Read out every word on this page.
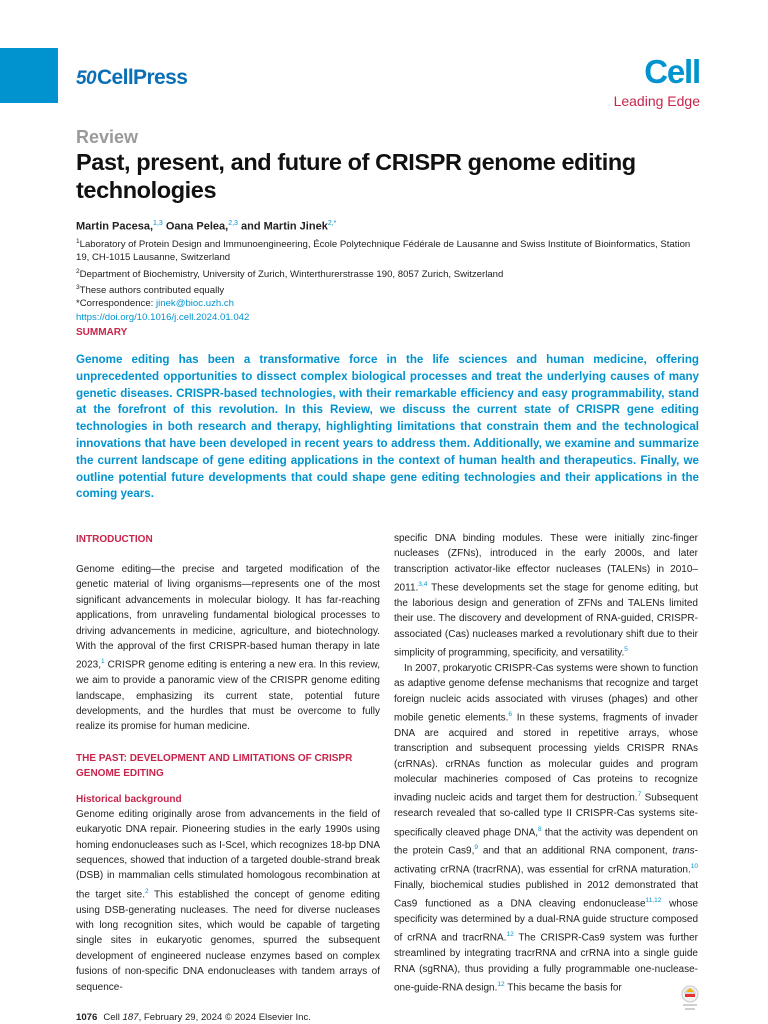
50CellPress	Cell
Leading Edge
Review
Past, present, and future of CRISPR genome editing technologies
Martin Pacesa,$^{1,3}$ Oana Pelea,$^{2,3}$ and Martin Jinek$^{2,*}$
$^1$Laboratory of Protein Design and Immunoengineering, École Polytechnique Fédérale de Lausanne and Swiss Institute of Bioinformatics, Station 19, CH-1015 Lausanne, Switzerland
$^2$Department of Biochemistry, University of Zurich, Winterthurerstrasse 190, 8057 Zurich, Switzerland
$^3$These authors contributed equally
*Correspondence: jinek@bioc.uzh.ch
https://doi.org/10.1016/j.cell.2024.01.042
SUMMARY

Genome editing has been a transformative force in the life sciences and human medicine, offering unprecedented opportunities to dissect complex biological processes and treat the underlying causes of many genetic diseases. CRISPR-based technologies, with their remarkable efficiency and easy programmability, stand at the forefront of this revolution. In this Review, we discuss the current state of CRISPR gene editing technologies in both research and therapy, highlighting limitations that constrain them and the technological innovations that have been developed in recent years to address them. Additionally, we examine and summarize the current landscape of gene editing applications in the context of human health and therapeutics. Finally, we outline potential future developments that could shape gene editing technologies and their applications in the coming years.

INTRODUCTION

Genome editing—the precise and targeted modification of the genetic material of living organisms—represents one of the most significant advancements in molecular biology. It has far-reaching applications, from unraveling fundamental biological processes to driving advancements in medicine, agriculture, and biotechnology. With the approval of the first CRISPR-based human therapy in late 2023,$^1$ CRISPR genome editing is entering a new era. In this review, we aim to provide a panoramic view of the CRISPR genome editing landscape, emphasizing its current state, potential future developments, and the hurdles that must be overcome to fully realize its promise for human medicine.

THE PAST: DEVELOPMENT AND LIMITATIONS OF CRISPR GENOME EDITING
Historical background

Genome editing originally arose from advancements in the field of eukaryotic DNA repair. Pioneering studies in the early 1990s using homing endonucleases such as I-SceI, which recognizes 18-bp DNA sequences, showed that induction of a targeted double-strand break (DSB) in mammalian cells stimulated homologous recombination at the target site.$^2$ This established the concept of genome editing using DSB-generating nucleases. The need for diverse nucleases with long recognition sites, which would be capable of targeting single sites in eukaryotic genomes, spurred the subsequent development of engineered nuclease enzymes based on complex fusions of non-specific DNA endonucleases with tandem arrays of sequence-

specific DNA binding modules. These were initially zinc-finger nucleases (ZFNs), introduced in the early 2000s, and later transcription activator-like effector nucleases (TALENs) in 2010–2011.$^{3,4}$ These developments set the stage for genome editing, but the laborious design and generation of ZFNs and TALENs limited their use. The discovery and development of RNA-guided, CRISPR-associated (Cas) nucleases marked a revolutionary shift due to their simplicity of programming, specificity, and versatility.$^5$

In 2007, prokaryotic CRISPR-Cas systems were shown to function as adaptive genome defense mechanisms that recognize and target foreign nucleic acids associated with viruses (phages) and other mobile genetic elements.$^6$ In these systems, fragments of invader DNA are acquired and stored in repetitive arrays, whose transcription and subsequent processing yields CRISPR RNAs (crRNAs). crRNAs function as molecular guides and program molecular machineries composed of Cas proteins to recognize invading nucleic acids and target them for destruction.$^7$ Subsequent research revealed that so-called type II CRISPR-Cas systems site-specifically cleaved phage DNA,$^8$ that the activity was dependent on the protein Cas9,$^9$ and that an additional RNA component, trans-activating crRNA (tracrRNA), was essential for crRNA maturation.$^{10}$ Finally, biochemical studies published in 2012 demonstrated that Cas9 functioned as a DNA cleaving endonuclease$^{11,12}$ whose specificity was determined by a dual-RNA guide structure composed of crRNA and tracrRNA.$^{12}$ The CRISPR-Cas9 system was further streamlined by integrating tracrRNA and crRNA into a single guide RNA (sgRNA), thus providing a fully programmable one-nuclease-one-guide-RNA design.$^{12}$ This became the basis for

1076 Cell 187, February 29, 2024 © 2024 Elsevier Inc.
